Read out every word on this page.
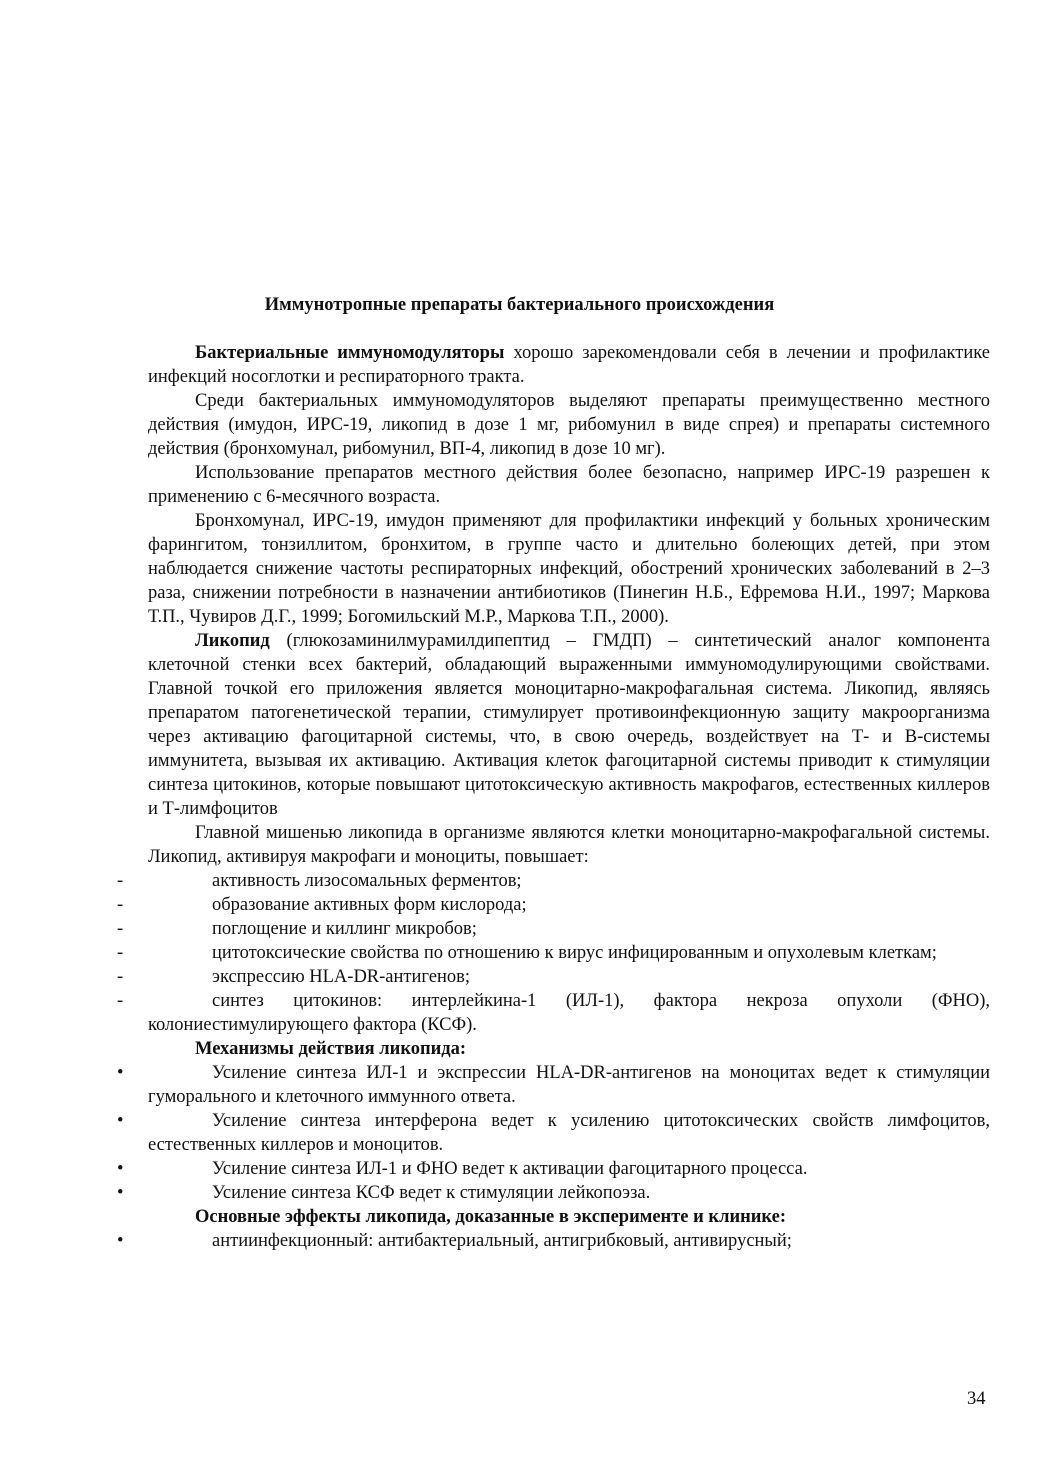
Иммунотропные препараты бактериального происхождения

Бактериальные иммуномодуляторы хорошо зарекомендовали себя в лечении и профилактике инфекций носоглотки и респираторного тракта.

Среди бактериальных иммуномодуляторов выделяют препараты преимущественно местного действия (имудон, ИРС-19, ликопид в дозе 1 мг, рибомунил в виде спрея) и препараты системного действия (бронхомунал, рибомунил, ВП-4, ликопид в дозе 10 мг).

Использование препаратов местного действия более безопасно, например ИРС-19 разрешен к применению с 6-месячного возраста.

Бронхомунал, ИРС-19, имудон применяют для профилактики инфекций у больных хроническим фарингитом, тонзиллитом, бронхитом, в группе часто и длительно болеющих детей, при этом наблюдается снижение частоты респираторных инфекций, обострений хронических заболеваний в 2–3 раза, снижении потребности в назначении антибиотиков (Пинегин Н.Б., Ефремова Н.И., 1997; Маркова Т.П., Чувиров Д.Г., 1999; Богомильский М.Р., Маркова Т.П., 2000).

Ликопид (глюкозаминилмурамилдипептид – ГМДП) – синтетический аналог компонента клеточной стенки всех бактерий, обладающий выраженными иммуномодулирующими свойствами. Главной точкой его приложения является моноцитарно-макрофагальная система. Ликопид, являясь препаратом патогенетической терапии, стимулирует противоинфекционную защиту макроорганизма через активацию фагоцитарной системы, что, в свою очередь, воздействует на Т- и В-системы иммунитета, вызывая их активацию. Активация клеток фагоцитарной системы приводит к стимуляции синтеза цитокинов, которые повышают цитотоксическую активность макрофагов, естественных киллеров и Т-лимфоцитов

Главной мишенью ликопида в организме являются клетки моноцитарно-макрофагальной системы. Ликопид, активируя макрофаги и моноциты, повышает:

-	активность лизосомальных ферментов;
-	образование активных форм кислорода;
-	поглощение и киллинг микробов;
-	цитотоксические свойства по отношению к вирус инфицированным и опухолевым клеткам;
-	экспрессию HLA-DR-антигенов;
-	синтез цитокинов: интерлейкина-1 (ИЛ-1), фактора некроза опухоли (ФНО), колониестимулирующего фактора (КСФ).
Механизмы действия ликопида:
•	Усиление синтеза ИЛ-1 и экспрессии HLA-DR-антигенов на моноцитах ведет к стимуляции гуморального и клеточного иммунного ответа.
•	Усиление синтеза интерферона ведет к усилению цитотоксических свойств лимфоцитов, естественных киллеров и моноцитов.
•	Усиление синтеза ИЛ-1 и ФНО ведет к активации фагоцитарного процесса.
•	Усиление синтеза КСФ ведет к стимуляции лейкопоэза.
Основные эффекты ликопида, доказанные в эксперименте и клинике:
•	антиинфекционный: антибактериальный, антигрибковый, антивирусный;
34
